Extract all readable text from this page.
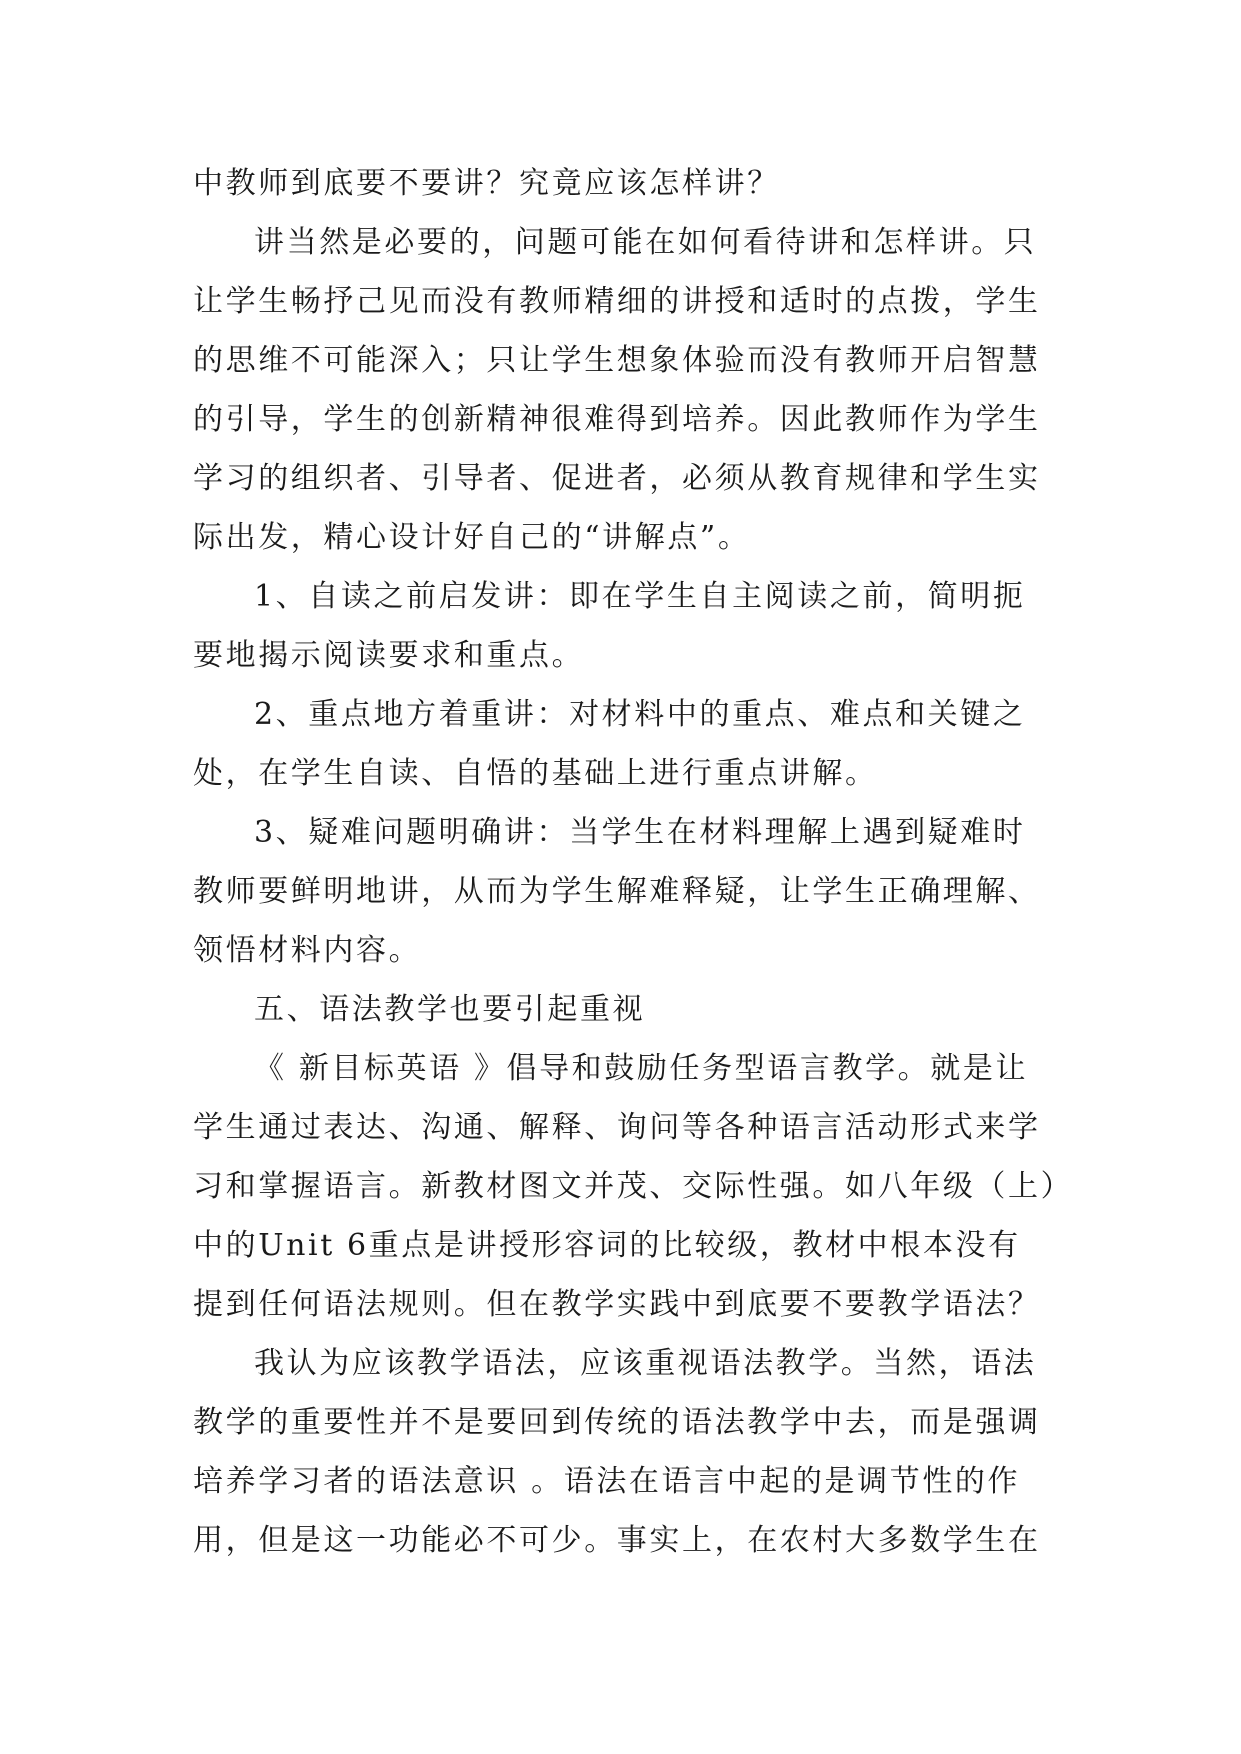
中教师到底要不要讲？究竟应该怎样讲？
讲当然是必要的，问题可能在如何看待讲和怎样讲。只
让学生畅抒己见而没有教师精细的讲授和适时的点拨，学生
的思维不可能深入；只让学生想象体验而没有教师开启智慧
的引导，学生的创新精神很难得到培养。因此教师作为学生
学习的组织者、引导者、促进者，必须从教育规律和学生实
际出发，精心设计好自己的“讲解点”。
1、自读之前启发讲：即在学生自主阅读之前，简明扼
要地揭示阅读要求和重点。
2、重点地方着重讲：对材料中的重点、难点和关键之
处，在学生自读、自悟的基础上进行重点讲解。
3、疑难问题明确讲：当学生在材料理解上遇到疑难时
教师要鲜明地讲，从而为学生解难释疑，让学生正确理解、
领悟材料内容。
五、语法教学也要引起重视
《 新目标英语 》倡导和鼓励任务型语言教学。就是让
学生通过表达、沟通、解释、询问等各种语言活动形式来学
习和掌握语言。新教材图文并茂、交际性强。如八年级（上）
中的Unit 6重点是讲授形容词的比较级，教材中根本没有
提到任何语法规则。但在教学实践中到底要不要教学语法？
我认为应该教学语法，应该重视语法教学。当然，语法
教学的重要性并不是要回到传统的语法教学中去，而是强调
培养学习者的语法意识 。语法在语言中起的是调节性的作
用，但是这一功能必不可少。事实上，在农村大多数学生在
